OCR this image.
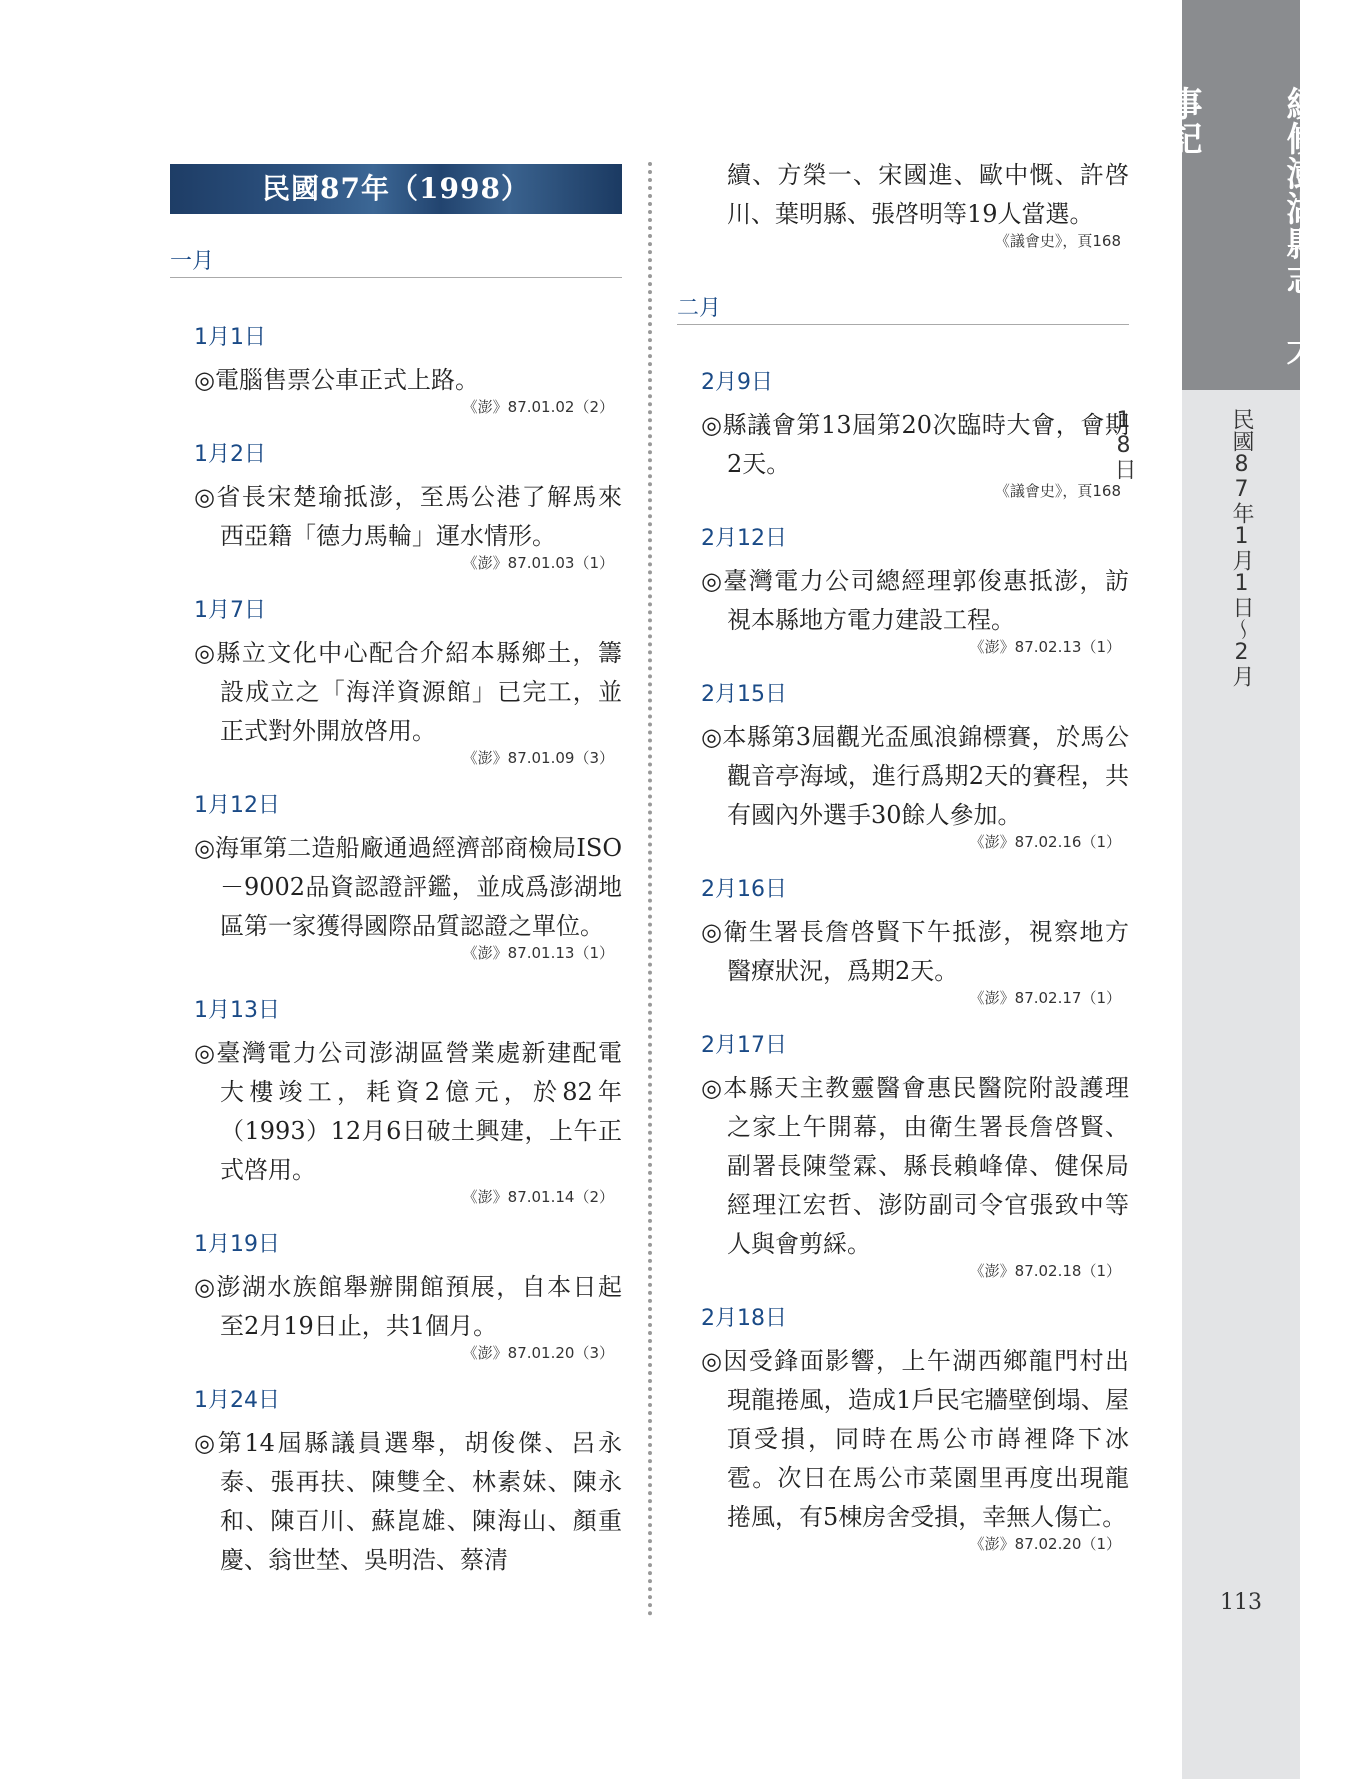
續修澎湖縣志　大事記
民國87年1月1日～2月18日
113
民國87年（1998）
一月
1月1日
◎電腦售票公車正式上路。
《澎》87.01.02（2）
1月2日
◎省長宋楚瑜抵澎，至馬公港了解馬來西亞籍「德力馬輪」運水情形。
《澎》87.01.03（1）
1月7日
◎縣立文化中心配合介紹本縣鄉土，籌設成立之「海洋資源館」已完工，並正式對外開放啓用。
《澎》87.01.09（3）
1月12日
◎海軍第二造船廠通過經濟部商檢局ISO－9002品資認證評鑑，並成爲澎湖地區第一家獲得國際品質認證之單位。
《澎》87.01.13（1）
1月13日
◎臺灣電力公司澎湖區營業處新建配電大樓竣工，耗資2億元，於82年（1993）12月6日破土興建，上午正式啓用。
《澎》87.01.14（2）
1月19日
◎澎湖水族館舉辦開館預展，自本日起至2月19日止，共1個月。
《澎》87.01.20（3）
1月24日
◎第14屆縣議員選舉，胡俊傑、呂永泰、張再扶、陳雙全、林素妹、陳永和、陳百川、蘇崑雄、陳海山、顏重慶、翁世埜、吳明浩、蔡清
續、方榮一、宋國進、歐中慨、許啓川、葉明縣、張啓明等19人當選。
《議會史》，頁168
二月
2月9日
◎縣議會第13屆第20次臨時大會，會期2天。
《議會史》，頁168
2月12日
◎臺灣電力公司總經理郭俊惠抵澎，訪視本縣地方電力建設工程。
《澎》87.02.13（1）
2月15日
◎本縣第3屆觀光盃風浪錦標賽，於馬公觀音亭海域，進行爲期2天的賽程，共有國內外選手30餘人參加。
《澎》87.02.16（1）
2月16日
◎衛生署長詹啓賢下午抵澎，視察地方醫療狀況，爲期2天。
《澎》87.02.17（1）
2月17日
◎本縣天主教靈醫會惠民醫院附設護理之家上午開幕，由衛生署長詹啓賢、副署長陳瑩霖、縣長賴峰偉、健保局經理江宏哲、澎防副司令官張致中等人與會剪綵。
《澎》87.02.18（1）
2月18日
◎因受鋒面影響，上午湖西鄉龍門村出現龍捲風，造成1戶民宅牆壁倒塌、屋頂受損，同時在馬公市嵵裡降下冰雹。次日在馬公市菜園里再度出現龍捲風，有5棟房舍受損，幸無人傷亡。
《澎》87.02.20（1）
